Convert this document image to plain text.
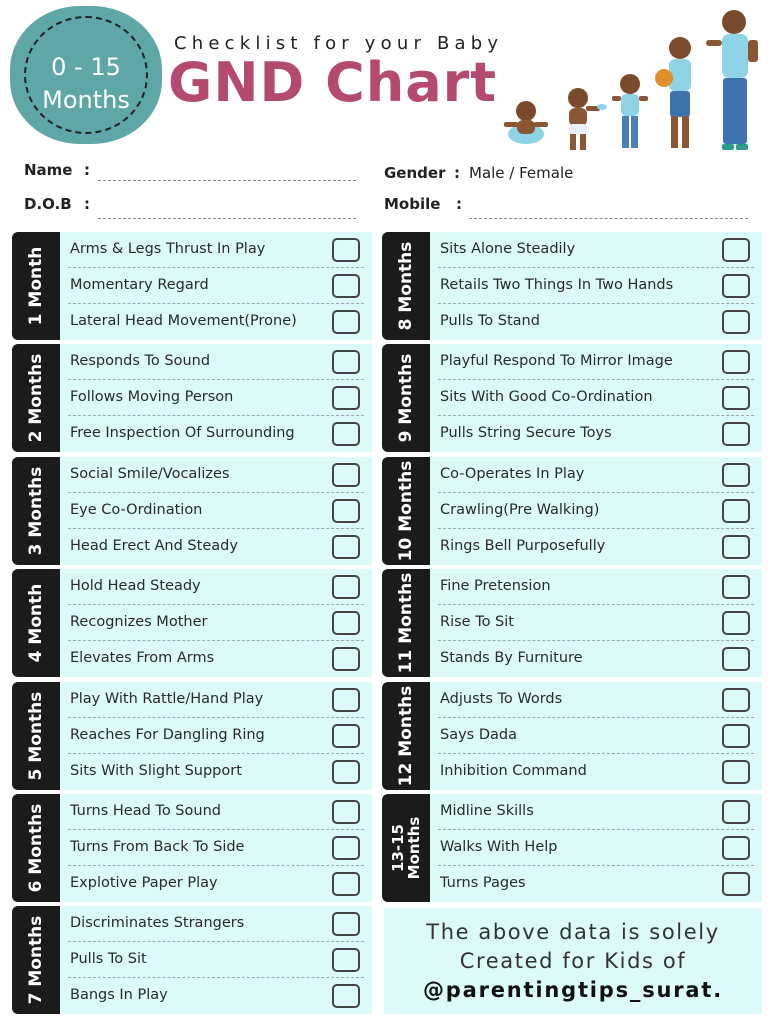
0 - 15
Months
Checklist for your Baby
GND Chart
Name :
D.O.B :
Gender : Male / Female
Mobile :
1 Month Arms & Legs Thrust In Play
Momentary Regard
Lateral Head Movement(Prone)
2 Months Responds To Sound
Follows Moving Person
Free Inspection Of Surrounding
3 Months Social Smile/Vocalizes
Eye Co-Ordination
Head Erect And Steady
4 Month Hold Head Steady
Recognizes Mother
Elevates From Arms
5 Months Play With Rattle/Hand Play
Reaches For Dangling Ring
Sits With Slight Support
6 Months Turns Head To Sound
Turns From Back To Side
Explotive Paper Play
7 Months Discriminates Strangers
Pulls To Sit
Bangs In Play
8 Months Sits Alone Steadily
Retails Two Things In Two Hands
Pulls To Stand
9 Months Playful Respond To Mirror Image
Sits With Good Co-Ordination
Pulls String Secure Toys
10 Months Co-Operates In Play
Crawling(Pre Walking)
Rings Bell Purposefully
11 Months Fine Pretension
Rise To Sit
Stands By Furniture
12 Months Adjusts To Words
Says Dada
Inhibition Command
13-15
Months
Midline Skills
Walks With Help
Turns Pages
The above data is solely
Created for Kids of
@parentingtips_surat.
